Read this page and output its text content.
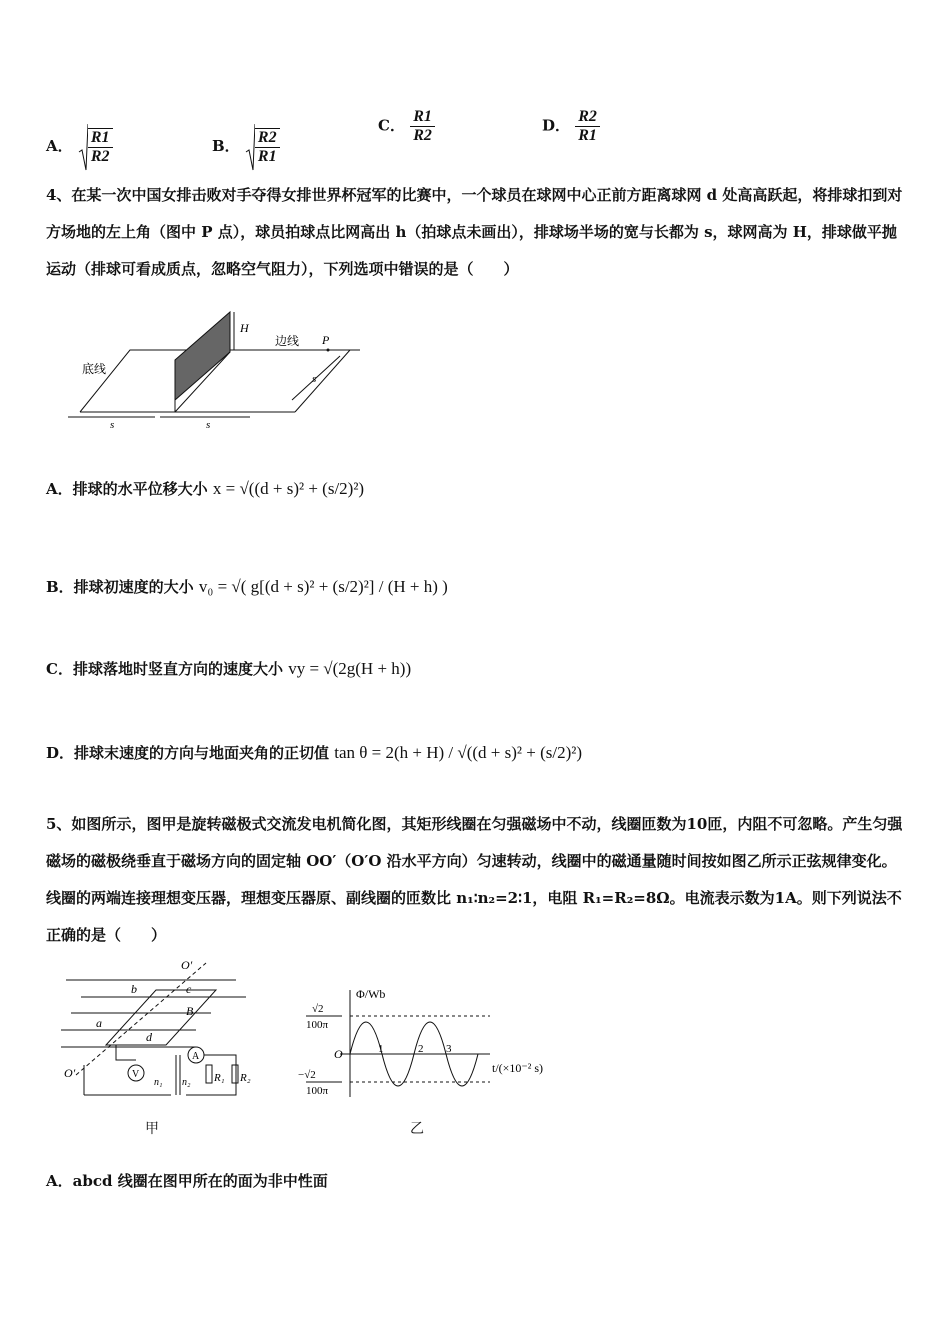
A． $\frac{R1}{R2}$	B． $\frac{R2}{R1}$
C． $\frac{R1}{R2}$	D． $\frac{R2}{R1}$
4、在某一次中国女排击败对手夺得女排世界杯冠军的比赛中，一个球员在球网中心正前方距离球网 d 处高高跃起，将排球扣到对方场地的左上角（图中 P 点），球员拍球点比网高出 h（拍球点未画出），排球场半场的宽与长都为 s，球网高为 H，排球做平抛运动（排球可看成质点，忽略空气阻力），下列选项中错误的是（　　）
H
边线 P
底线
s	s
s
A．排球的水平位移大小 x = √((d + s)² + (s/2)²)
B．排球初速度的大小 v₀ = √( g[(d + s)² + (s/2)²] / (H + h) )
C．排球落地时竖直方向的速度大小 vy = √(2g(H + h))
D．排球末速度的方向与地面夹角的正切值 tan θ = 2(h + H) / √((d + s)² + (s/2)²)
5、如图所示，图甲是旋转磁极式交流发电机简化图，其矩形线圈在匀强磁场中不动，线圈匝数为10匝，内阻不可忽略。产生匀强磁场的磁极绕垂直于磁场方向的固定轴 OO′（O′O 沿水平方向）匀速转动，线圈中的磁通量随时间按如图乙所示正弦规律变化。线圈的两端连接理想变压器，理想变压器原、副线圈的匝数比 n₁∶n₂=2∶1，电阻 R₁=R₂=8Ω。电流表示数为1A。则下列说法不正确的是（　　）
O′
b	c
a
d
B
O′	V
A
n₁ n₂ R₁ R₂
甲
Φ/Wb
t/(×10⁻² s)
O
√2
100π
−√2
100π
1	2 3
乙
A．abcd 线圈在图甲所在的面为非中性面
